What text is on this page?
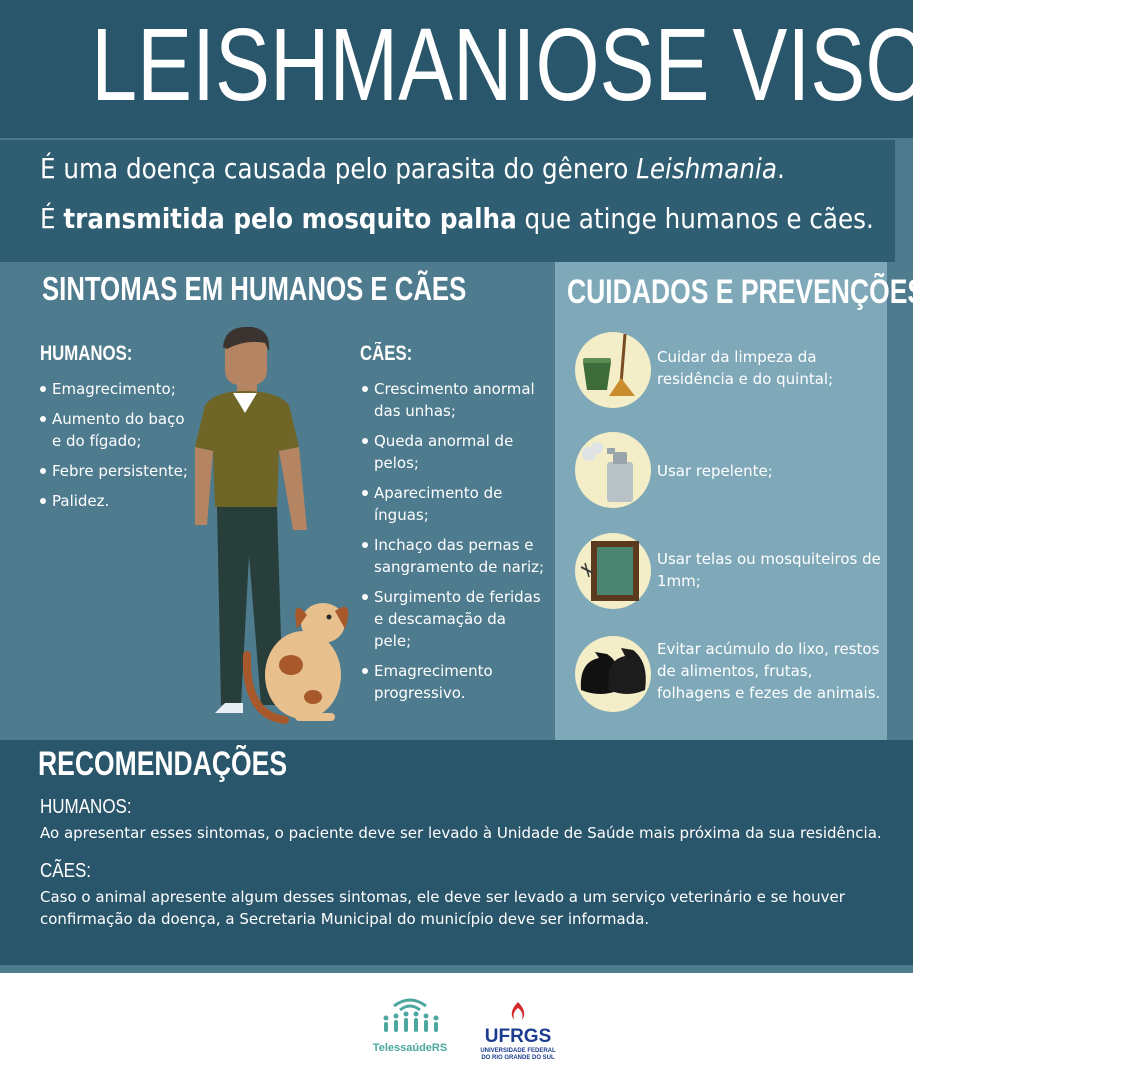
LEISHMANIOSE VISCERAL
É uma doença causada pelo parasita do gênero Leishmania.
É transmitida pelo mosquito palha que atinge humanos e cães.
SINTOMAS EM HUMANOS E CÃES
HUMANOS:
Emagrecimento;
Aumento do baço e do fígado;
Febre persistente;
Palidez.
CÃES:
Crescimento anormal das unhas;
Queda anormal de pelos;
Aparecimento de ínguas;
Inchaço das pernas e sangramento de nariz;
Surgimento de feridas e descamação da pele;
Emagrecimento progressivo.
CUIDADOS E PREVENÇÕES
Cuidar da limpeza da residência e do quintal;
Usar repelente;
Usar telas ou mosquiteiros de 1mm;
Evitar acúmulo do lixo, restos de alimentos, frutas, folhagens e fezes de animais.
RECOMENDAÇÕES
HUMANOS:
Ao apresentar esses sintomas, o paciente deve ser levado à Unidade de Saúde mais próxima da sua residência.
CÃES:
Caso o animal apresente algum desses sintomas, ele deve ser levado a um serviço veterinário e se houver confirmação da doença, a Secretaria Municipal do município deve ser informada.
TelessaúdeRS
UFRGS
UNIVERSIDADE FEDERAL
DO RIO GRANDE DO SUL
